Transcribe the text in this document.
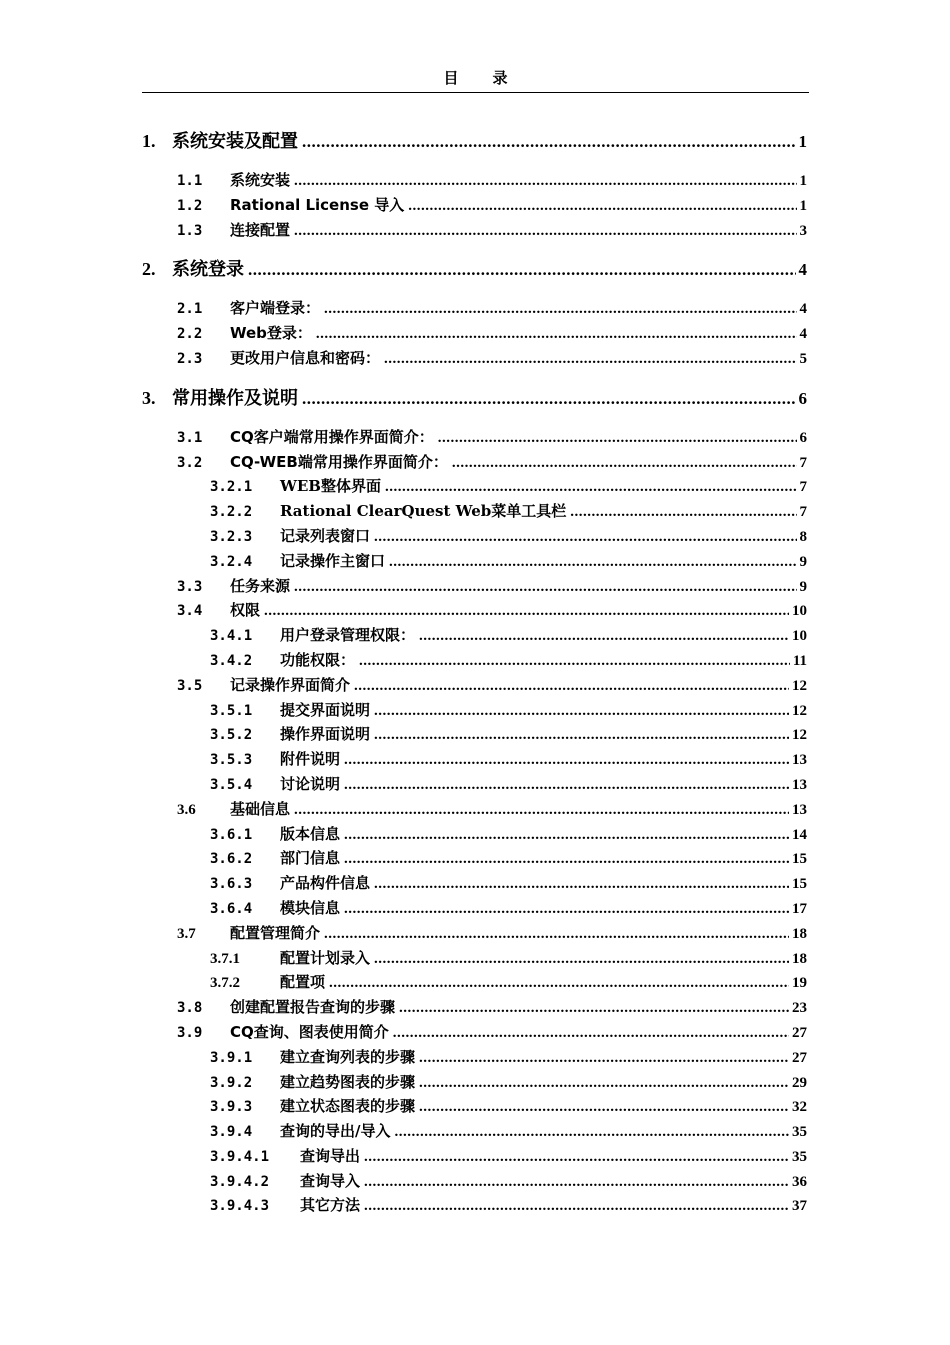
目录
1. 系统安装及配置 .....	1
1.1	系统安装 .....	1
1.2	Rational License 导入 .....	1
1.3	连接配置 .....	3
2. 系统登录 .....	4
2.1	客户端登录： .....	4
2.2	Web登录： .....	4
2.3	更改用户信息和密码： .....	5
3. 常用操作及说明 .....	6
3.1	CQ客户端常用操作界面简介： .....	6
3.2	CQ-WEB端常用操作界面简介： .....	7
3.2.1	WEB整体界面 .....	7
3.2.2	Rational ClearQuest Web菜单工具栏 .....	7
3.2.3	记录列表窗口 .....	8
3.2.4	记录操作主窗口 .....	9
3.3	任务来源 .....	9
3.4	权限 .....	10
3.4.1	用户登录管理权限： .....	10
3.4.2	功能权限： .....	11
3.5	记录操作界面简介 .....	12
3.5.1	提交界面说明 .....	12
3.5.2	操作界面说明 .....	12
3.5.3	附件说明 .....	13
3.5.4	讨论说明 .....	13
3.6	基础信息 .....	13
3.6.1	版本信息 .....	14
3.6.2	部门信息 .....	15
3.6.3	产品构件信息 .....	15
3.6.4	模块信息 .....	17
3.7	配置管理简介 .....	18
3.7.1	配置计划录入 .....	18
3.7.2	配置项 .....	19
3.8	创建配置报告查询的步骤 .....	23
3.9	CQ查询、图表使用简介 .....	27
3.9.1	建立查询列表的步骤 .....	27
3.9.2	建立趋势图表的步骤 .....	29
3.9.3	建立状态图表的步骤 .....	32
3.9.4	查询的导出/导入 .....	35
3.9.4.1	查询导出 .....	35
3.9.4.2	查询导入 .....	36
3.9.4.3	其它方法 .....	37
